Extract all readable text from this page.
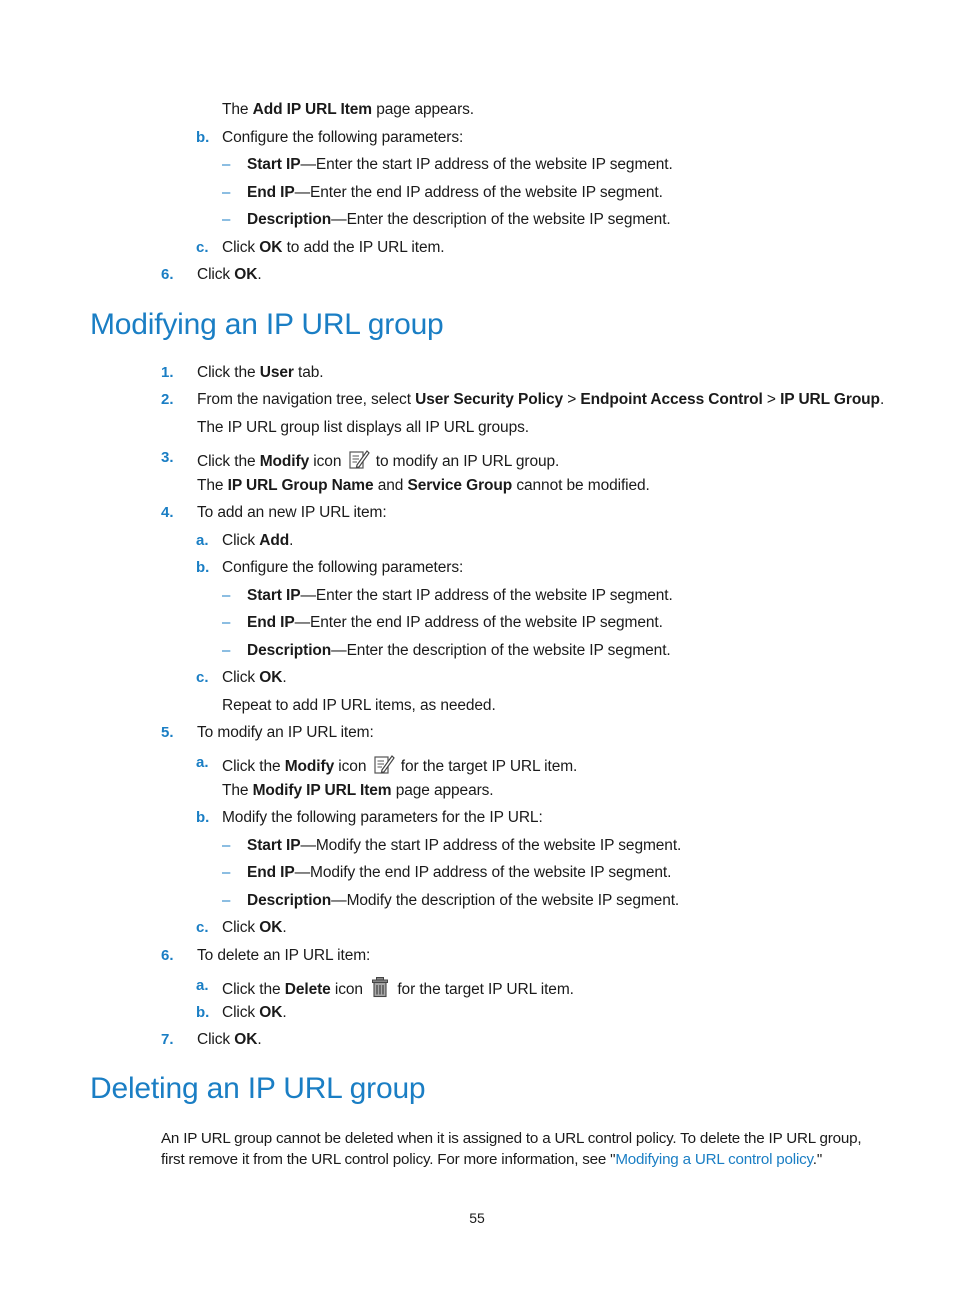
The Add IP URL Item page appears.
b. Configure the following parameters:
– Start IP—Enter the start IP address of the website IP segment.
– End IP—Enter the end IP address of the website IP segment.
– Description—Enter the description of the website IP segment.
c. Click OK to add the IP URL item.
6. Click OK.
Modifying an IP URL group
1. Click the User tab.
2. From the navigation tree, select User Security Policy > Endpoint Access Control > IP URL Group.
The IP URL group list displays all IP URL groups.
3. Click the Modify icon
to modify an IP URL group.
The IP URL Group Name and Service Group cannot be modified.
4. To add an new IP URL item:
a. Click Add.
b. Configure the following parameters:
– Start IP—Enter the start IP address of the website IP segment.
– End IP—Enter the end IP address of the website IP segment.
– Description—Enter the description of the website IP segment.
c. Click OK.
Repeat to add IP URL items, as needed.
5. To modify an IP URL item:
a. Click the Modify icon
for the target IP URL item.
The Modify IP URL Item page appears.
b. Modify the following parameters for the IP URL:
– Start IP—Modify the start IP address of the website IP segment.
– End IP—Modify the end IP address of the website IP segment.
– Description—Modify the description of the website IP segment.
c. Click OK.
6. To delete an IP URL item:
a. Click the Delete icon
for the target IP URL item.
b. Click OK.
7. Click OK.
Deleting an IP URL group
An IP URL group cannot be deleted when it is assigned to a URL control policy. To delete the IP URL group,
first remove it from the URL control policy. For more information, see "Modifying a URL control policy."
55
